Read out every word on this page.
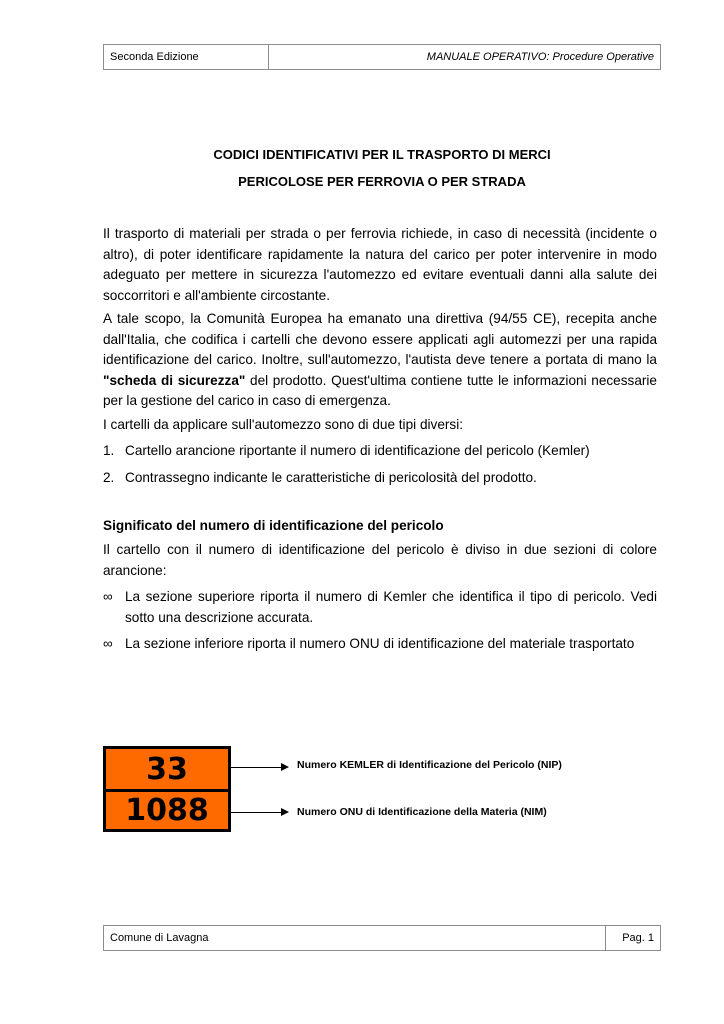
Seconda Edizione	MANUALE OPERATIVO: Procedure Operative
CODICI IDENTIFICATIVI PER IL TRASPORTO DI MERCI
PERICOLOSE PER FERROVIA O PER STRADA

Il trasporto di materiali per strada o per ferrovia richiede, in caso di necessità (incidente o altro), di poter identificare rapidamente la natura del carico per poter intervenire in modo adeguato per mettere in sicurezza l'automezzo ed evitare eventuali danni alla salute dei soccorritori e all'ambiente circostante.

A tale scopo, la Comunità Europea ha emanato una direttiva (94/55 CE), recepita anche dall'Italia, che codifica i cartelli che devono essere applicati agli automezzi per una rapida identificazione del carico. Inoltre, sull'automezzo, l'autista deve tenere a portata di mano la "scheda di sicurezza" del prodotto. Quest'ultima contiene tutte le informazioni necessarie per la gestione del carico in caso di emergenza.

I cartelli da applicare sull'automezzo sono di due tipi diversi:

1. Cartello arancione riportante il numero di identificazione del pericolo (Kemler)
2. Contrassegno indicante le caratteristiche di pericolosità del prodotto.
Significato del numero di identificazione del pericolo

Il cartello con il numero di identificazione del pericolo è diviso in due sezioni di colore arancione:

∞ La sezione superiore riporta il numero di Kemler che identifica il tipo di pericolo. Vedi sotto una descrizione accurata.
∞ La sezione inferiore riporta il numero ONU di identificazione del materiale trasportato
33
1088
Numero KEMLER di Identificazione del Pericolo (NIP)
Numero ONU di Identificazione della Materia (NIM)
Comune di Lavagna	Pag. 1
